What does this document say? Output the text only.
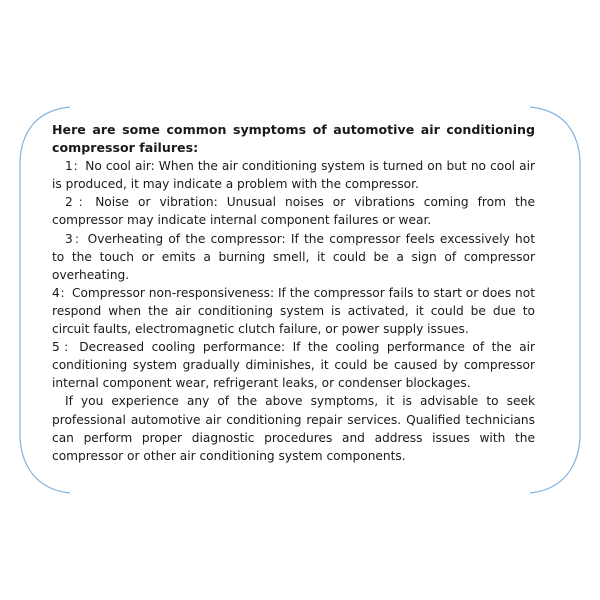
Here are some common symptoms of automotive air conditioning compressor failures:

1：No cool air: When the air conditioning system is turned on but no cool air is produced, it may indicate a problem with the compressor.

2：Noise or vibration: Unusual noises or vibrations coming from the compressor may indicate internal component failures or wear.

3：Overheating of the compressor: If the compressor feels excessively hot to the touch or emits a burning smell, it could be a sign of compressor overheating.

4：Compressor non-responsiveness: If the compressor fails to start or does not respond when the air conditioning system is activated, it could be due to circuit faults, electromagnetic clutch failure, or power supply issues.

5：Decreased cooling performance: If the cooling performance of the air conditioning system gradually diminishes, it could be caused by compressor internal component wear, refrigerant leaks, or condenser blockages.

If you experience any of the above symptoms, it is advisable to seek professional automotive air conditioning repair services. Qualified technicians can perform proper diagnostic procedures and address issues with the compressor or other air conditioning system components.
